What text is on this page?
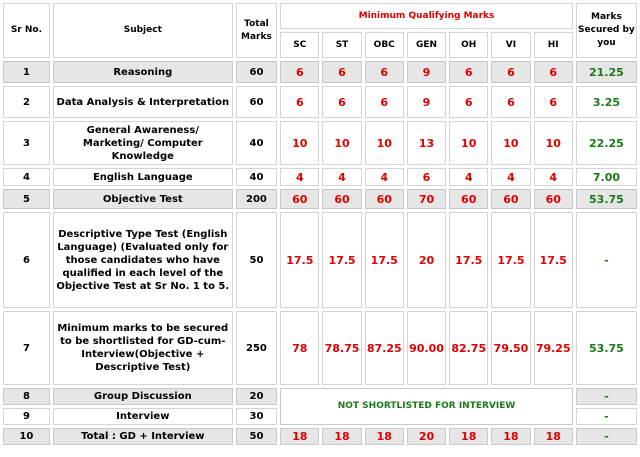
Sr No.	Subject	Total Marks	Minimum Qualifying Marks							Marks Secured by you
			SC	ST	OBC	GEN	OH	VI	HI	
1	Reasoning	60	6	6	6	9	6	6	6	21.25
2	Data Analysis & Interpretation	60	6	6	6	9	6	6	6	3.25
3	General Awareness/ Marketing/ Computer Knowledge	40	10	10	10	13	10	10	10	22.25
4	English Language	40	4	4	4	6	4	4	4	7.00
5	Objective Test	200	60	60	60	70	60	60	60	53.75
6	Descriptive Type Test (English Language) (Evaluated only for those candidates who have qualified in each level of the Objective Test at Sr No. 1 to 5.	50	17.5	17.5	17.5	20	17.5	17.5	17.5	-
7	Minimum marks to be secured to be shortlisted for GD-cum-Interview(Objective + Descriptive Test)	250	78	78.75	87.25	90.00	82.75	79.50	79.25	53.75
8	Group Discussion	20	NOT SHORTLISTED FOR INTERVIEW							-
9	Interview	30								-
10	Total : GD + Interview	50	18	18	18	20	18	18	18	-
